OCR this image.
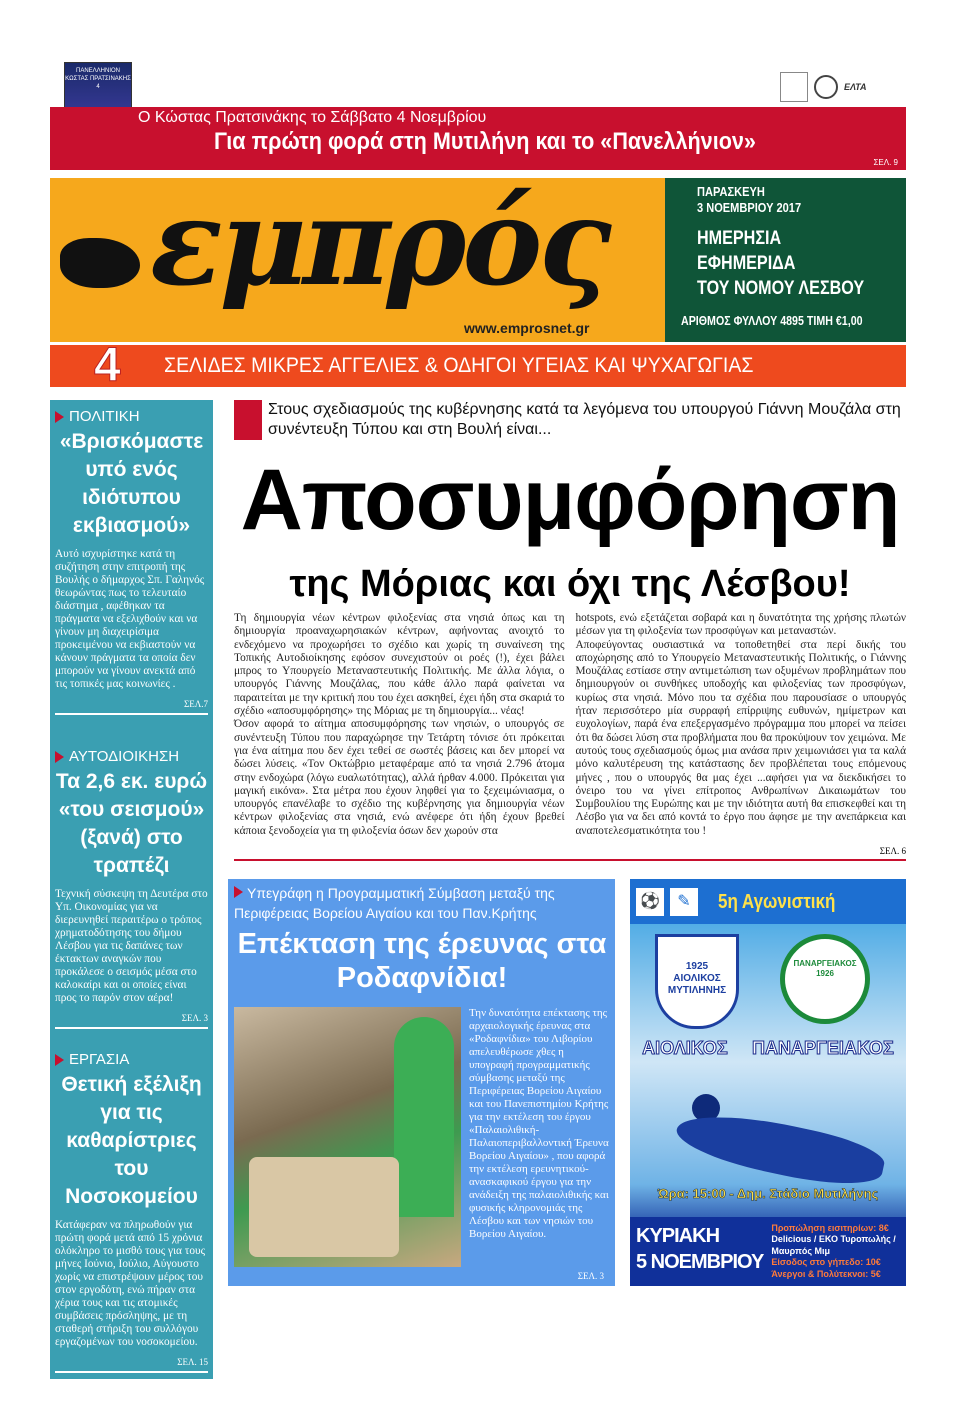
ΠΑΝΕΛΛΗΝΙΟΝ ΚΩΣΤΑΣ ΠΡΑΤΣΙΝΑΚΗΣ 4	ΕΛΤΑ
Ο Κώστας Πρατσινάκης το Σάββατο 4 Νοεμβρίου
Για πρώτη φορά στη Μυτιλήνη και το «Πανελλήνιον»
ΣΕΛ. 9
εμπρός
www.emprosnet.gr
ΠΑΡΑΣΚΕΥΗ
3 ΝΟΕΜΒΡΙΟΥ 2017
ΗΜΕΡΗΣΙΑ
ΕΦΗΜΕΡΙΔΑ
ΤΟΥ ΝΟΜΟΥ ΛΕΣΒΟΥ
ΑΡΙΘΜΟΣ ΦΥΛΛΟΥ 4895 ΤΙΜΗ €1,00
4 ΣΕΛΙΔΕΣ ΜΙΚΡΕΣ ΑΓΓΕΛΙΕΣ & ΟΔΗΓΟΙ ΥΓΕΙΑΣ ΚΑΙ ΨΥΧΑΓΩΓΙΑΣ
ΠΟΛΙΤΙΚΗ
«Βρισκόμαστε υπό ενός ιδιότυπου εκβιασμού»

Αυτό ισχυρίστηκε κατά τη συζήτηση στην επιτροπή της Βουλής ο δήμαρχος Σπ. Γαληνός θεωρώντας πως το τελευταίο διάστημα , αφέθηκαν τα πράγματα να εξελιχθούν και να γίνουν μη διαχειρίσιμα προκειμένου να εκβιαστούν να κάνουν πράγματα τα οποία δεν μπορούν να γίνουν ανεκτά από τις τοπικές μας κοινωνίες .

ΣΕΛ.7
ΑΥΤΟΔΙΟΙΚΗΣΗ
Τα 2,6 εκ. ευρώ «του σεισμού» (ξανά) στο τραπέζι

Τεχνική σύσκεψη τη Δευτέρα στο Υπ. Οικονομίας για να διερευνηθεί περαιτέρω ο τρόπος χρηματοδότησης του δήμου Λέσβου για τις δαπάνες των έκτακτων αναγκών που προκάλεσε ο σεισμός μέσα στο καλοκαίρι και οι οποίες είναι προς το παρόν στον αέρα!

ΣΕΛ. 3
ΕΡΓΑΣΙΑ
Θετική εξέλιξη για τις καθαρίστριες του Νοσοκομείου

Κατάφεραν να πληρωθούν για πρώτη φορά μετά από 15 χρόνια ολόκληρο το μισθό τους για τους μήνες Ιούνιο, Ιούλιο, Αύγουστο χωρίς να επιστρέψουν μέρος του στον εργοδότη, ενώ πήραν στα χέρια τους και τις ατομικές συμβάσεις πρόσληψης, με τη σταθερή στήριξη του συλλόγου εργαζομένων του νοσοκομείου.

ΣΕΛ. 15
Στους σχεδιασμούς της κυβέρνησης κατά τα λεγόμενα του υπουργού Γιάννη Μουζάλα στη συνέντευξη Τύπου και στη Βουλή είναι...
Αποσυμφόρηση
της Μόριας και όχι της Λέσβου!
Τη δημιουργία νέων κέντρων φιλοξενίας στα νησιά όπως και τη δημιουργία προαναχωρησιακών κέντρων, αφήνοντας ανοιχτό το ενδεχόμενο να προχωρήσει το σχέδιο και χωρίς τη συναίνεση της Τοπικής Αυτοδιοίκησης εφόσον συνεχιστούν οι ροές (!), έχει βάλει μπρος το Υπουργείο Μεταναστευτικής Πολιτικής. Με άλλα λόγια, ο υπουργός Γιάννης Μουζάλας, που κάθε άλλο παρά φαίνεται να παραιτείται με την κριτική που του έχει ασκηθεί, έχει ήδη στα σκαριά το σχέδιο «αποσυμφόρησης» της Μόριας με τη δημιουργία... νέας!
Όσον αφορά το αίτημα αποσυμφόρησης των νησιών, ο υπουργός σε συνέντευξη Τύπου που παραχώρησε την Τετάρτη τόνισε ότι πρόκειται για ένα αίτημα που δεν έχει τεθεί σε σωστές βάσεις και δεν μπορεί να δώσει λύσεις. «Τον Οκτώβριο μεταφέραμε από τα νησιά 2.796 άτομα στην ενδοχώρα (λόγω ευαλωτότητας), αλλά ήρθαν 4.000. Πρόκειται για μαγική εικόνα». Στα μέτρα που έχουν ληφθεί για το ξεχειμώνιασμα, ο υπουργός επανέλαβε το σχέδιο της κυβέρνησης για δημιουργία νέων κέντρων φιλοξενίας στα νησιά, ενώ ανέφερε ότι ήδη έχουν βρεθεί κάποια ξενοδοχεία για τη φιλοξενία όσων δεν χωρούν στα
hotspots, ενώ εξετάζεται σοβαρά και η δυνατότητα της χρήσης πλωτών μέσων για τη φιλοξενία των προσφύγων και μεταναστών.
Αποφεύγοντας ουσιαστικά να τοποθετηθεί στα περί δικής του αποχώρησης από το Υπουργείο Μεταναστευτικής Πολιτικής, ο Γιάννης Μουζάλας εστίασε στην αντιμετώπιση των οξυμένων προβλημάτων που δημιουργούν οι συνθήκες υποδοχής και φιλοξενίας των προσφύγων, κυρίως στα νησιά. Μόνο που τα σχέδια που παρουσίασε ο υπουργός ήταν περισσότερο μία συρραφή επίρριψης ευθυνών, ημίμετρων και ευχολογίων, παρά ένα επεξεργασμένο πρόγραμμα που μπορεί να πείσει ότι θα δώσει λύση στα προβλήματα που θα προκύψουν τον χειμώνα. Με αυτούς τους σχεδιασμούς όμως μια ανάσα πριν χειμωνιάσει για τα καλά μόνο καλυτέρευση της κατάστασης δεν προβλέπεται τους επόμενους μήνες , που ο υπουργός θα μας έχει ...αφήσει για να διεκδικήσει το όνειρο του να γίνει επίτροπος Ανθρωπίνων Δικαιωμάτων του Συμβουλίου της Ευρώπης και με την ιδιότητα αυτή θα επισκεφθεί και τη Λέσβο για να δει από κοντά το έργο που άφησε με την ανεπάρκεια και αναποτελεσματικότητα του !
ΣΕΛ. 6
Υπεγράφη η Προγραμματική Σύμβαση μεταξύ της Περιφέρειας Βορείου Αιγαίου και του Παν.Κρήτης
Επέκταση της έρευνας στα Ροδαφνίδια!
Την δυνατότητα επέκτασης της αρχαιολογικής έρευνας στα «Ροδαφνίδια» του Λιβορίου απελευθέρωσε χθες η υπογραφή προγραμματικής σύμβασης μεταξύ της Περιφέρειας Βορείου Αιγαίου και του Πανεπιστημίου Κρήτης για την εκτέλεση του έργου «Παλαιολιθική- Παλαιοπεριβαλλοντική Έρευνα Βορείου Αιγαίου» , που αφορά την εκτέλεση ερευνητικού- ανασκαφικού έργου για την ανάδειξη της παλαιολιθικής και φυσικής κληρονομιάς της Λέσβου και των νησιών του Βορείου Αιγαίου.
ΣΕΛ. 3
⚽	✎	5η Αγωνιστική
1925
ΑΙΟΛΙΚΟΣ ΜΥΤΙΛΗΝΗΣ
ΠΑΝΑΡΓΕΙΑΚΟΣ 1926
ΑΙΟΛΙΚΟΣ ΠΑΝΑΡΓΕΙΑΚΟΣ
Ώρα: 15:00 - Δημ. Στάδιο Μυτιλήνης
ΚΥΡΙΑΚΗ
5 ΝΟΕΜΒΡΙΟΥ
Προπώληση εισιτηρίων: 8€
Delicious / ΕΚΟ Τυροπωλής /
Μαυρπός Μιμ
Είσοδος στο γήπεδο: 10€
Άνεργοι & Πολύτεκνοι: 5€
